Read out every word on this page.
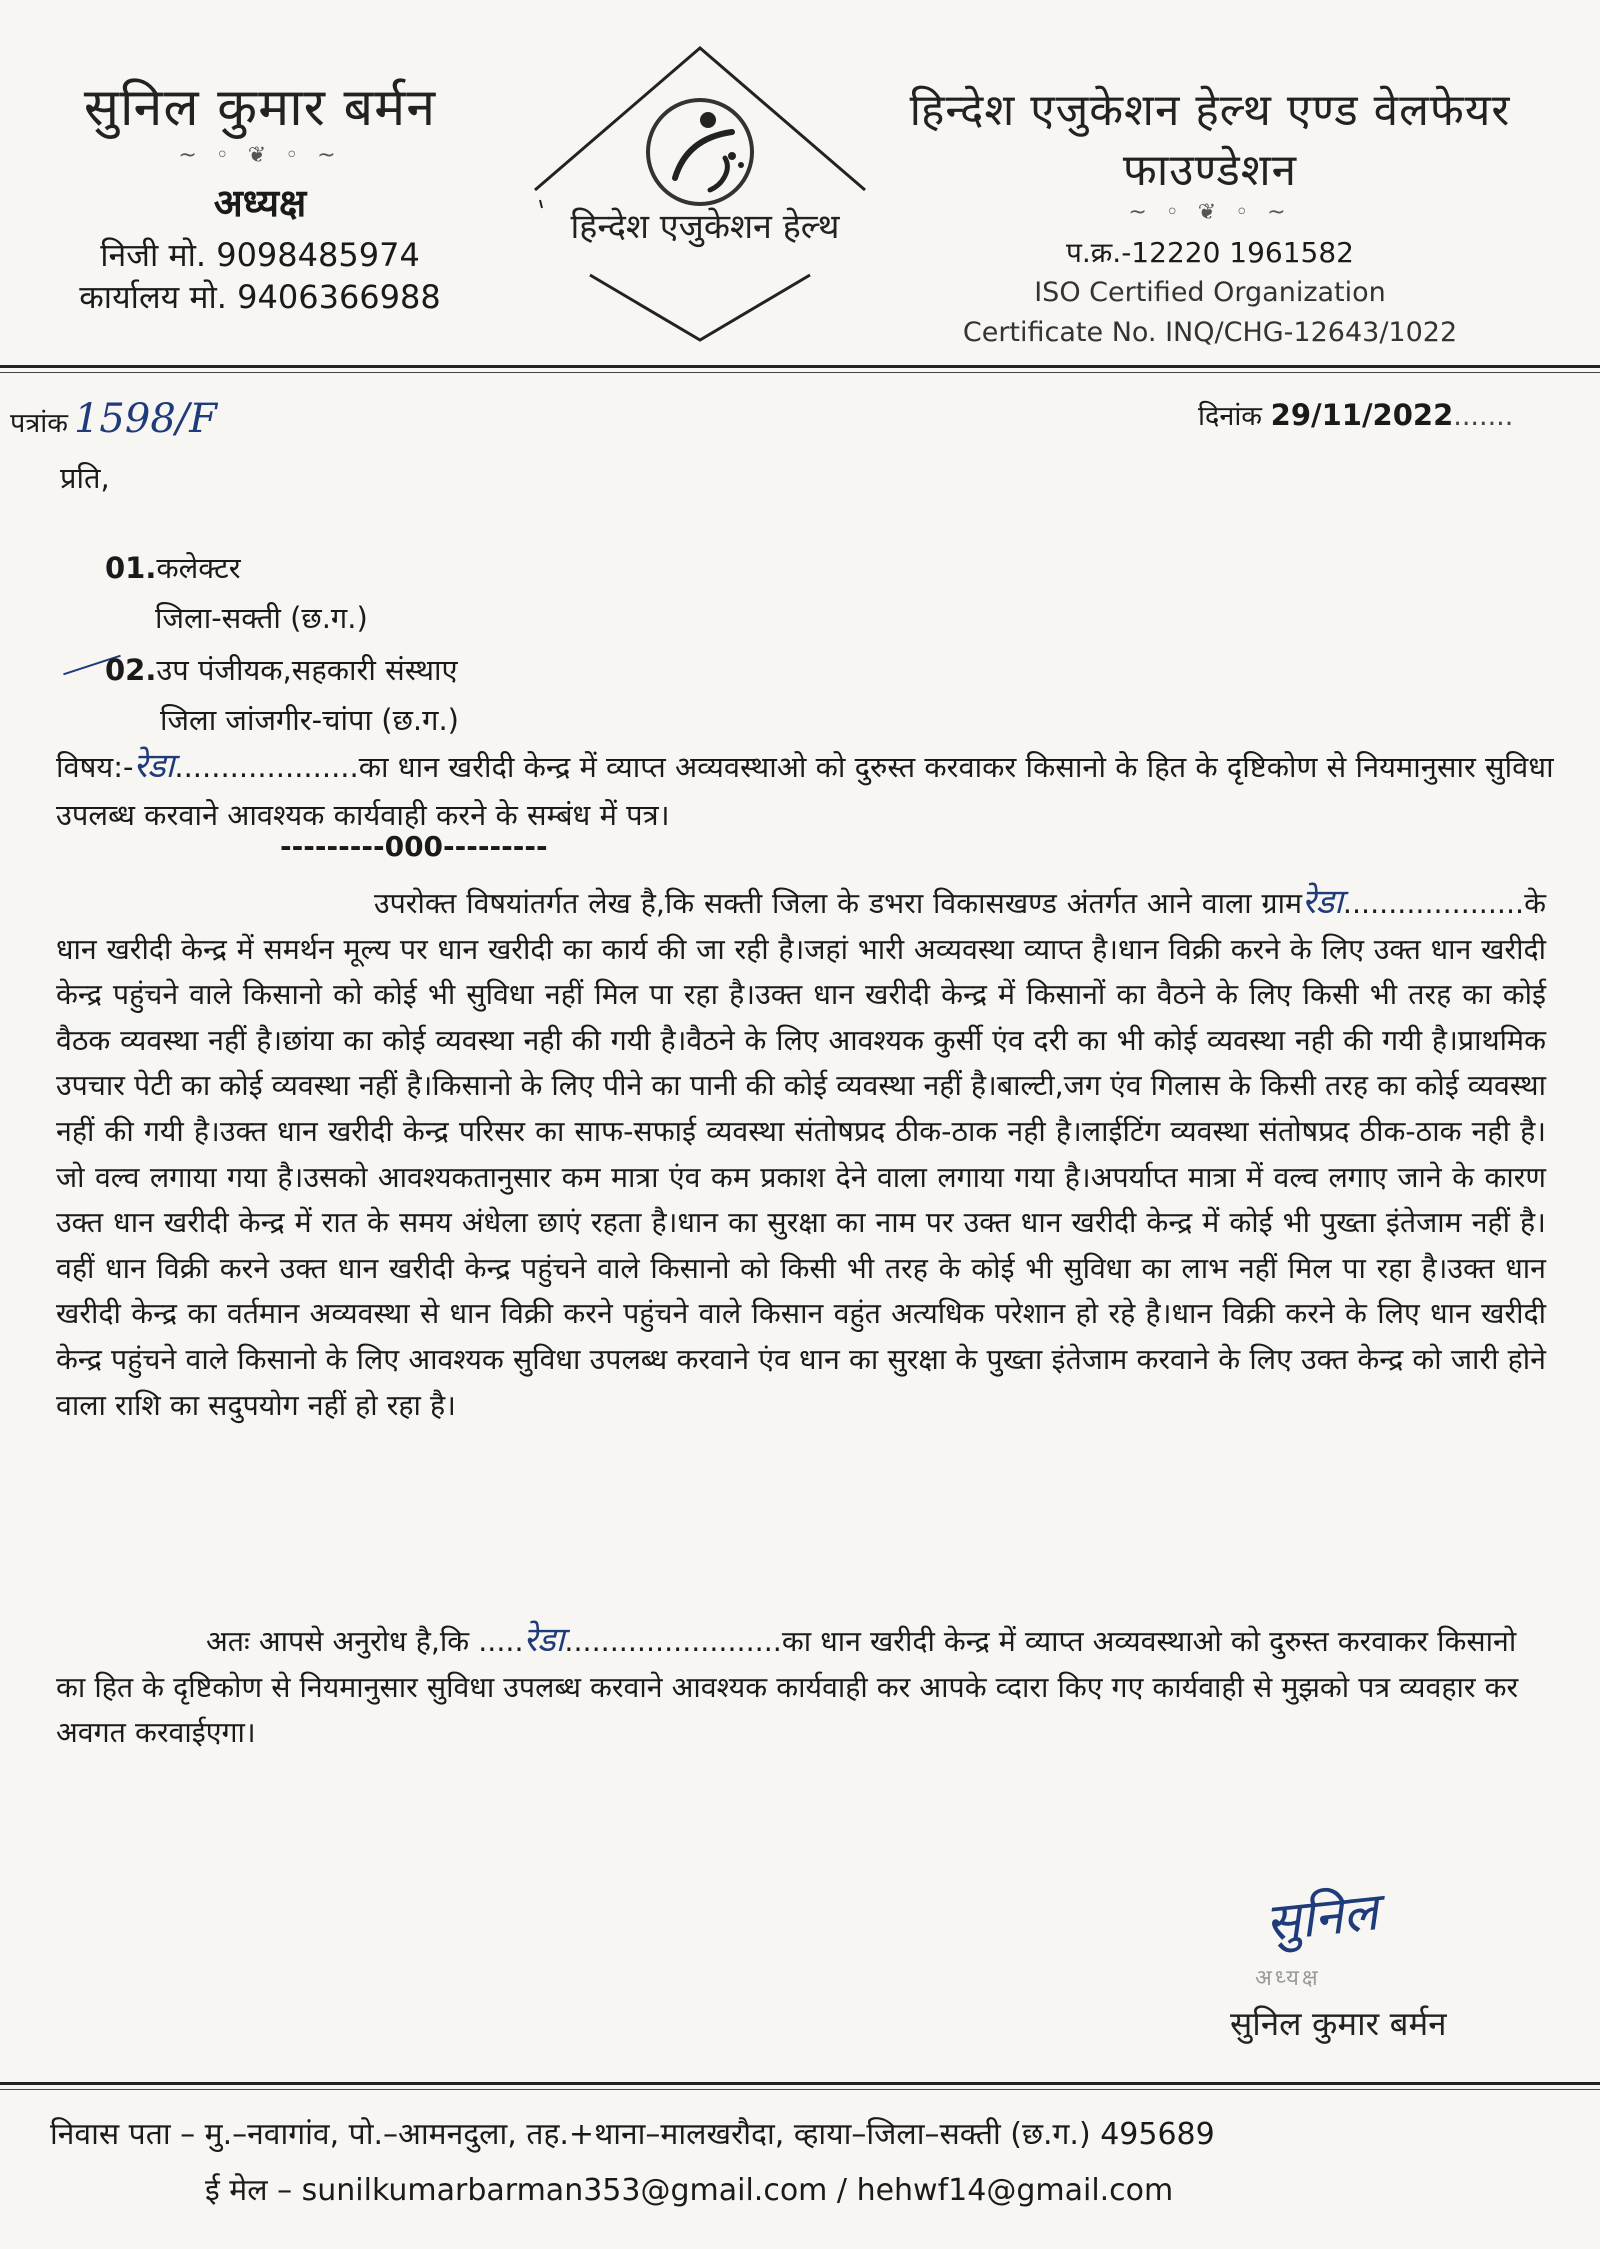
सुनिल कुमार बर्मन
~ ◦ ❦ ◦ ~
अध्यक्ष
निजी मो. 9098485974
कार्यालय मो. 9406366988
हिन्देश एजुकेशन हेल्थ
हिन्देश एजुकेशन हेल्थ एण्ड वेलफेयर फाउण्डेशन
~ ◦ ❦ ◦ ~
प.क्र.-12220 1961582
ISO Certified Organization
Certificate No. INQ/CHG-12643/1022
पत्रांक 1598/F	दिनांक 29/11/2022.......
प्रति,
01.कलेक्टर
जिला-सक्ती (छ.ग.)
02.उप पंजीयक,सहकारी संस्थाए
जिला जांजगीर-चांपा (छ.ग.)
विषय:-रेडा....................का धान खरीदी केन्द्र में व्याप्त अव्यवस्थाओ को दुरुस्त करवाकर किसानो के हित के दृष्टिकोण से नियमानुसार सुविधा उपलब्ध करवाने आवश्यक कार्यवाही करने के सम्बंध में पत्र।
---------000---------

उपरोक्त विषयांतर्गत लेख है,कि सक्ती जिला के डभरा विकासखण्ड अंतर्गत आने वाला ग्रामरेडा....................के धान खरीदी केन्द्र में समर्थन मूल्य पर धान खरीदी का कार्य की जा रही है।जहां भारी अव्यवस्था व्याप्त है।धान विक्री करने के लिए उक्त धान खरीदी केन्द्र पहुंचने वाले किसानो को कोई भी सुविधा नहीं मिल पा रहा है।उक्त धान खरीदी केन्द्र में किसानों का वैठने के लिए किसी भी तरह का कोई वैठक व्यवस्था नहीं है।छांया का कोई व्यवस्था नही की गयी है।वैठने के लिए आवश्यक कुर्सी एंव दरी का भी कोई व्यवस्था नही की गयी है।प्राथमिक उपचार पेटी का कोई व्यवस्था नहीं है।किसानो के लिए पीने का पानी की कोई व्यवस्था नहीं है।बाल्टी,जग एंव गिलास के किसी तरह का कोई व्यवस्था नहीं की गयी है।उक्त धान खरीदी केन्द्र परिसर का साफ-सफाई व्यवस्था संतोषप्रद ठीक-ठाक नही है।लाईटिंग व्यवस्था संतोषप्रद ठीक-ठाक नही है।जो वल्व लगाया गया है।उसको आवश्यकतानुसार कम मात्रा एंव कम प्रकाश देने वाला लगाया गया है।अपर्याप्त मात्रा में वल्व लगाए जाने के कारण उक्त धान खरीदी केन्द्र में रात के समय अंधेला छाएं रहता है।धान का सुरक्षा का नाम पर उक्त धान खरीदी केन्द्र में कोई भी पुख्ता इंतेजाम नहीं है।वहीं धान विक्री करने उक्त धान खरीदी केन्द्र पहुंचने वाले किसानो को किसी भी तरह के कोई भी सुविधा का लाभ नहीं मिल पा रहा है।उक्त धान खरीदी केन्द्र का वर्तमान अव्यवस्था से धान विक्री करने पहुंचने वाले किसान वहुंत अत्यधिक परेशान हो रहे है।धान विक्री करने के लिए धान खरीदी केन्द्र पहुंचने वाले किसानो के लिए आवश्यक सुविधा उपलब्ध करवाने एंव धान का सुरक्षा के पुख्ता इंतेजाम करवाने के लिए उक्त केन्द्र को जारी होने वाला राशि का सदुपयोग नहीं हो रहा है।

अतः आपसे अनुरोध है,कि .....रेडा........................का धान खरीदी केन्द्र में व्याप्त अव्यवस्थाओ को दुरुस्त करवाकर किसानो का हित के दृष्टिकोण से नियमानुसार सुविधा उपलब्ध करवाने आवश्यक कार्यवाही कर आपके व्दारा किए गए कार्यवाही से मुझको पत्र व्यवहार कर अवगत करवाईएगा।
सुनिल
अध्यक्ष
सुनिल कुमार बर्मन
निवास पता – मु.–नवागांव, पो.–आमनदुला, तह.+थाना–मालखरौदा, व्हाया–जिला–सक्ती (छ.ग.) 495689
ई मेल – sunilkumarbarman353@gmail.com / hehwf14@gmail.com
